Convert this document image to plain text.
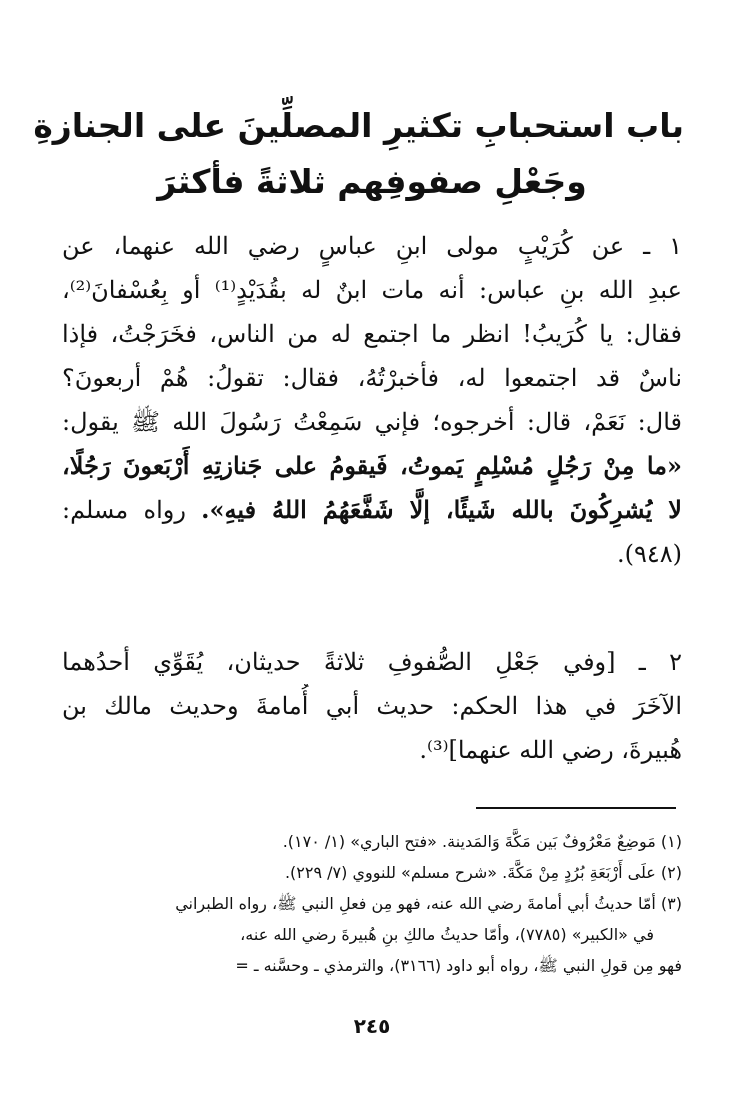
باب استحبابِ تكثيرِ المصلِّينَ على الجنازةِ
وجَعْلِ صفوفِهم ثلاثةً فأكثرَ
١ ـ عن كُرَيْبٍ مولى ابنِ عباسٍ رضي الله عنهما، عن
عبدِ الله بنِ عباس: أنه مات ابنٌ له بقُدَيْدٍ⁽¹⁾ أو بِعُسْفانَ⁽²⁾،
فقال: يا كُرَيبُ! انظر ما اجتمع له من الناس، فخَرَجْتُ، فإذا
ناسٌ قد اجتمعوا له، فأخبرْتُهُ، فقال: تقولُ: هُمْ أربعونَ؟
قال: نَعَمْ، قال: أخرجوه؛ فإني سَمِعْتُ رَسُولَ الله ﷺ يقول:
«ما مِنْ رَجُلٍ مُسْلِمٍ يَموتُ، فَيقومُ على جَنازتِهِ أَرْبَعونَ رَجُلًا،
لا يُشرِكُونَ بالله شَيئًا، إلَّا شَفَّعَهُمُ اللهُ فيهِ». رواه مسلم:
(٩٤٨).
٢ ـ [وفي جَعْلِ الصُّفوفِ ثلاثةً حديثان، يُقَوِّي أحدُهما
الآخَرَ في هذا الحكم: حديث أبي أُمامةَ وحديث مالك بن
هُبيرةَ، رضي الله عنهما]⁽³⁾.
(١) مَوضِعٌ مَعْرُوفٌ بَين مَكَّةَ وَالمَدينة. «فتح الباري» (١/ ١٧٠).
(٢) علَى أَرْبَعَةِ بُرُدٍ مِنْ مَكَّةَ. «شرح مسلم» للنووي (٧/ ٢٢٩).
(٣) أمّا حديثُ أبي أمامةَ رضي الله عنه، فهو مِن فعلِ النبي ﷺ، رواه الطبراني
في «الكبير» (٧٧٨٥)، وأمّا حديثُ مالكِ بنِ هُبيرةَ رضي الله عنه،
فهو مِن قولِ النبي ﷺ، رواه أبو داود (٣١٦٦)، والترمذي ـ وحسَّنه ـ =
٢٤٥
